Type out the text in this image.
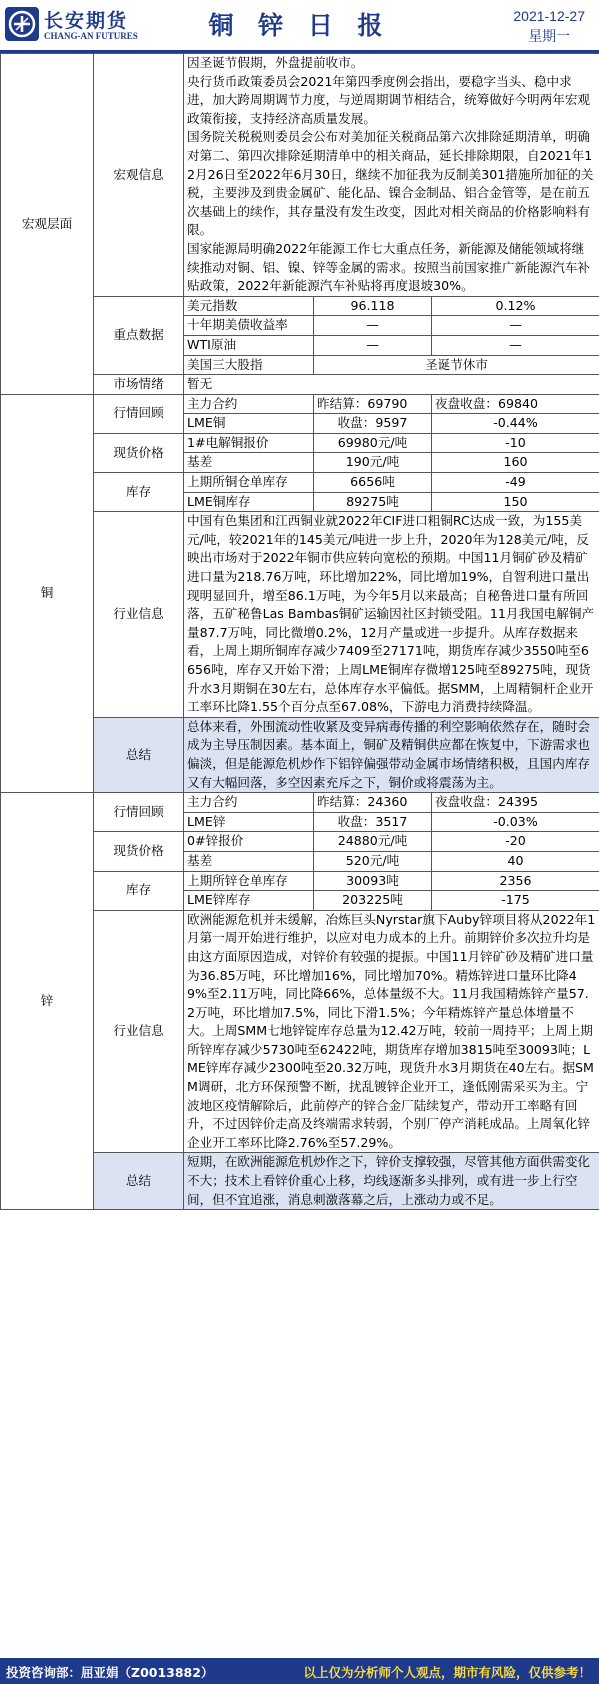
长安期货
CHANG-AN FUTURES	铜 锌 日 报	2021-12-27
星期一
宏观层面	宏观信息	因圣诞节假期，外盘提前收市。
央行货币政策委员会2021年第四季度例会指出，要稳字当头、稳中求进，加大跨周期调节力度，与逆周期调节相结合，统筹做好今明两年宏观政策衔接，支持经济高质量发展。
国务院关税税则委员会公布对美加征关税商品第六次排除延期清单，明确对第二、第四次排除延期清单中的相关商品，延长排除期限，自2021年12月26日至2022年6月30日，继续不加征我为反制美301措施所加征的关税，主要涉及到贵金属矿、能化品、镍合金制品、铝合金管等，是在前五次基础上的续作，其存量没有发生改变，因此对相关商品的价格影响料有限。
国家能源局明确2022年能源工作七大重点任务，新能源及储能领域将继续推动对铜、铝、镍、锌等金属的需求。按照当前国家推广新能源汽车补贴政策，2022年新能源汽车补贴将再度退坡30%。		

	重点数据	美元指数	96.118	0.12%
		十年期美债收益率	—	—
		WTI原油	—	—
		美国三大股指	圣诞节休市	
	市场情绪	暂无		
铜	行情回顾	主力合约	昨结算：69790	夜盘收盘：69840
		LME铜	收盘：9597	-0.44%
	现货价格	1#电解铜报价	69980元/吨	-10
		基差	190元/吨	160
	库存	上期所铜仓单库存	6656吨	-49
		LME铜库存	89275吨	150
	行业信息	中国有色集团和江西铜业就2022年CIF进口粗铜RC达成一致，为155美元/吨，较2021年的145美元/吨进一步上升，2020年为128美元/吨，反映出市场对于2022年铜市供应转向宽松的预期。中国11月铜矿砂及精矿进口量为218.76万吨，环比增加22%，同比增加19%，自智利进口量出现明显回升，增至86.1万吨，为今年5月以来最高；自秘鲁进口量有所回落，五矿秘鲁Las Bambas铜矿运输因社区封锁受阻。11月我国电解铜产量87.7万吨，同比微增0.2%，12月产量或进一步提升。从库存数据来看，上周上期所铜库存减少7409至27171吨，期货库存减少3550吨至6656吨，库存又开始下滑；上周LME铜库存微增125吨至89275吨，现货升水3月期铜在30左右，总体库存水平偏低。据SMM，上周精铜杆企业开工率环比降1.55个百分点至67.08%，下游电力消费持续降温。		
	总结	总体来看，外围流动性收紧及变异病毒传播的利空影响依然存在，随时会成为主导压制因素。基本面上，铜矿及精铜供应都在恢复中，下游需求也偏淡，但是能源危机炒作下铝锌偏强带动金属市场情绪积极，且国内库存又有大幅回落，多空因素充斥之下，铜价或将震荡为主。		
锌	行情回顾	主力合约	昨结算：24360	夜盘收盘：24395
		LME锌	收盘：3517	-0.03%
	现货价格	0#锌报价	24880元/吨	-20
		基差	520元/吨	40
	库存	上期所锌仓单库存	30093吨	2356
		LME锌库存	203225吨	-175
	行业信息	欧洲能源危机并未缓解，冶炼巨头Nyrstar旗下Auby锌项目将从2022年1月第一周开始进行维护，以应对电力成本的上升。前期锌价多次拉升均是由这方面原因造成，对锌价有较强的提振。中国11月锌矿砂及精矿进口量为36.85万吨，环比增加16%，同比增加70%。精炼锌进口量环比降49%至2.11万吨，同比降66%，总体量级不大。11月我国精炼锌产量57.2万吨，环比增加7.5%，同比下滑1.5%；今年精炼锌产量总体增量不大。上周SMM七地锌锭库存总量为12.42万吨，较前一周持平；上周上期所锌库存减少5730吨至62422吨，期货库存增加3815吨至30093吨；LME锌库存减少2300吨至20.32万吨，现货升水3月期货在40左右。据SMM调研，北方环保预警不断，扰乱镀锌企业开工，逢低刚需采买为主。宁波地区疫情解除后，此前停产的锌合金厂陆续复产，带动开工率略有回升，不过因锌价走高及终端需求转弱，个别厂停产消耗成品。上周氧化锌企业开工率环比降2.76%至57.29%。		
	总结	短期，在欧洲能源危机炒作之下，锌价支撑较强，尽管其他方面供需变化不大；技术上看锌价重心上移，均线逐渐多头排列，或有进一步上行空间，但不宜追涨，消息刺激落幕之后，上涨动力或不足。		
投资咨询部：屈亚娟（Z0013882）	以上仅为分析师个人观点，期市有风险，仅供参考！
